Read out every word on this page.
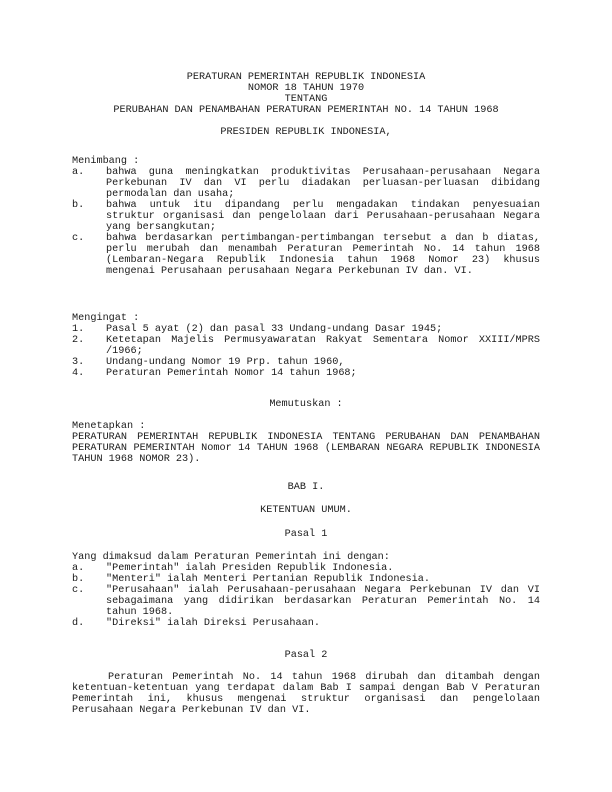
PERATURAN PEMERINTAH REPUBLIK INDONESIA
NOMOR 18 TAHUN 1970
TENTANG
PERUBAHAN DAN PENAMBAHAN PERATURAN PEMERINTAH NO. 14 TAHUN 1968
PRESIDEN REPUBLIK INDONESIA,
Menimbang :
a.	bahwa guna meningkatkan produktivitas Perusahaan-perusahaan Negara Perkebunan IV dan VI perlu diadakan perluasan-perluasan dibidang permodalan dan usaha;
b.	bahwa untuk itu dipandang perlu mengadakan tindakan penyesuaian struktur organisasi dan pengelolaan dari Perusahaan-perusahaan Negara yang bersangkutan;
c.	bahwa berdasarkan pertimbangan-pertimbangan tersebut a dan b diatas, perlu merubah dan menambah Peraturan Pemerintah No. 14 tahun 1968 (Lembaran-Negara Republik Indonesia tahun 1968 Nomor 23) khusus mengenai Perusahaan perusahaan Negara Perkebunan IV dan. VI.
Mengingat :
1.	Pasal 5 ayat (2) dan pasal 33 Undang-undang Dasar 1945;
2.	Ketetapan Majelis Permusyawaratan Rakyat Sementara Nomor XXIII/MPRS /1966;
3.	Undang-undang Nomor 19 Prp. tahun 1960,
4.	Peraturan Pemerintah Nomor 14 tahun 1968;
Memutuskan :
Menetapkan :
PERATURAN PEMERINTAH REPUBLIK INDONESIA TENTANG PERUBAHAN DAN PENAMBAHAN PERATURAN PEMERINTAH Nomor 14 TAHUN 1968 (LEMBARAN NEGARA REPUBLIK INDONESIA TAHUN 1968 NOMOR 23).
BAB I.
KETENTUAN UMUM.
Pasal 1
Yang dimaksud dalam Peraturan Pemerintah ini dengan:
a.	"Pemerintah" ialah Presiden Republik Indonesia.
b.	"Menteri" ialah Menteri Pertanian Republik Indonesia.
c.	"Perusahaan" ialah Perusahaan-perusahaan Negara Perkebunan IV dan VI sebagaimana yang didirikan berdasarkan Peraturan Pemerintah No. 14 tahun 1968.
d.	"Direksi" ialah Direksi Perusahaan.
Pasal 2
Peraturan Pemerintah No. 14 tahun 1968 dirubah dan ditambah dengan ketentuan-ketentuan yang terdapat dalam Bab I sampai dengan Bab V Peraturan Pemerintah ini, khusus mengenai struktur organisasi dan pengelolaan Perusahaan Negara Perkebunan IV dan VI.
